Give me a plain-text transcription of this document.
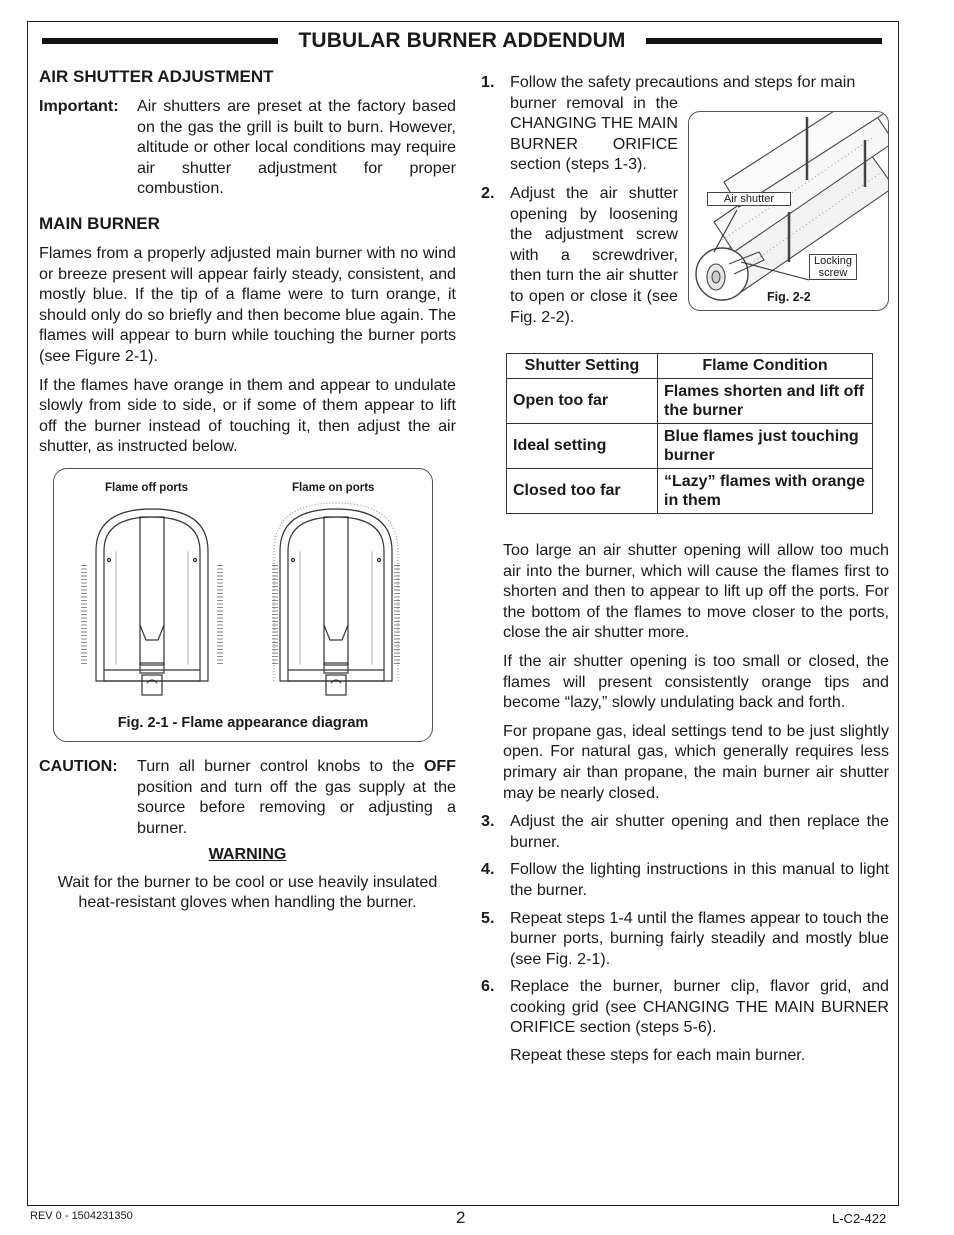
TUBULAR BURNER ADDENDUM
AIR SHUTTER ADJUSTMENT
Important:	Air shutters are preset at the factory based on the gas the grill is built to burn. However, altitude or other local conditions may require air shutter adjustment for proper combustion.
MAIN BURNER

Flames from a properly adjusted main burner with no wind or breeze present will appear fairly steady, consistent, and mostly blue. If the tip of a flame were to turn orange, it should only do so briefly and then become blue again. The flames will appear to burn while touching the burner ports (see Figure 2-1).

If the flames have orange in them and appear to undulate slowly from side to side, or if some of them appear to lift off the burner instead of touching it, then adjust the air shutter, as instructed below.

Flame off ports	Flame on ports
Fig. 2-1 - Flame appearance diagram
CAUTION:	Turn all burner control knobs to the OFF position and turn off the gas supply at the source before removing or adjusting a burner.
WARNING
Wait for the burner to be cool or use heavily insulated heat-resistant gloves when handling the burner.
1. Follow the safety precautions and steps for main
burner removal in the CHANGING THE MAIN BURNER ORIFICE section (steps 1-3).
2. Adjust the air shutter opening by loosening the adjustment screw with a screwdriver, then turn the air shutter to open or close it (see Fig. 2-2).
Air shutter
Locking
screw
Fig. 2-2
Shutter Setting	Flame Condition
Open too far	Flames shorten and lift off the burner
Ideal setting	Blue flames just touching burner
Closed too far	“Lazy” flames with orange in them

Too large an air shutter opening will allow too much air into the burner, which will cause the flames first to shorten and then to appear to lift up off the ports. For the bottom of the flames to move closer to the ports, close the air shutter more.

If the air shutter opening is too small or closed, the flames will present consistently orange tips and become “lazy,” slowly undulating back and forth.

For propane gas, ideal settings tend to be just slightly open. For natural gas, which generally requires less primary air than propane, the main burner air shutter may be nearly closed.

3. Adjust the air shutter opening and then replace the burner.
4. Follow the lighting instructions in this manual to light the burner.
5. Repeat steps 1-4 until the flames appear to touch the burner ports, burning fairly steadily and mostly blue (see Fig. 2-1).
6. Replace the burner, burner clip, flavor grid, and cooking grid (see CHANGING THE MAIN BURNER ORIFICE section (steps 5-6).

Repeat these steps for each main burner.

REV 0 - 1504231350	2	L-C2-422
